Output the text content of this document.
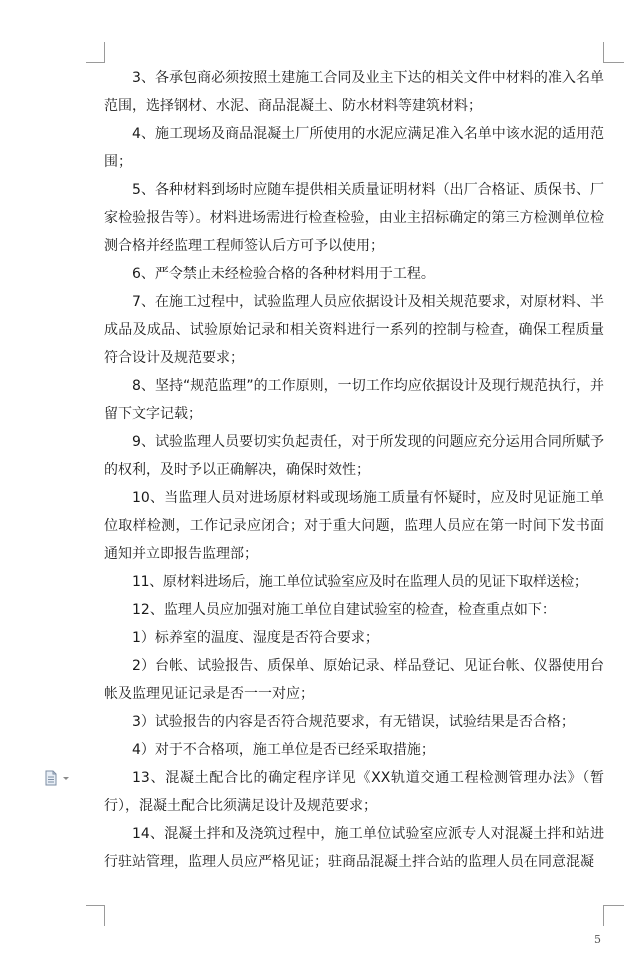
3、各承包商必须按照土建施工合同及业主下达的相关文件中材料的准入名单范围，选择钢材、水泥、商品混凝土、防水材料等建筑材料；

4、施工现场及商品混凝土厂所使用的水泥应满足准入名单中该水泥的适用范围；

5、各种材料到场时应随车提供相关质量证明材料（出厂合格证、质保书、厂家检验报告等）。材料进场需进行检查检验，由业主招标确定的第三方检测单位检测合格并经监理工程师签认后方可予以使用；

6、严令禁止未经检验合格的各种材料用于工程。

7、在施工过程中，试验监理人员应依据设计及相关规范要求，对原材料、半成品及成品、试验原始记录和相关资料进行一系列的控制与检查，确保工程质量符合设计及规范要求；

8、坚持“规范监理”的工作原则，一切工作均应依据设计及现行规范执行，并留下文字记载；

9、试验监理人员要切实负起责任，对于所发现的问题应充分运用合同所赋予的权利，及时予以正确解决，确保时效性；

10、当监理人员对进场原材料或现场施工质量有怀疑时，应及时见证施工单位取样检测，工作记录应闭合；对于重大问题，监理人员应在第一时间下发书面通知并立即报告监理部；

11、原材料进场后，施工单位试验室应及时在监理人员的见证下取样送检；

12、监理人员应加强对施工单位自建试验室的检查，检查重点如下：

1）标养室的温度、湿度是否符合要求；

2）台帐、试验报告、质保单、原始记录、样品登记、见证台帐、仪器使用台帐及监理见证记录是否一一对应；

3）试验报告的内容是否符合规范要求，有无错误，试验结果是否合格；

4）对于不合格项，施工单位是否已经采取措施；

13、混凝土配合比的确定程序详见《XX轨道交通工程检测管理办法》（暂行），混凝土配合比须满足设计及规范要求；

14、混凝土拌和及浇筑过程中，施工单位试验室应派专人对混凝土拌和站进行驻站管理，监理人员应严格见证；驻商品混凝土拌合站的监理人员在同意混凝

5
